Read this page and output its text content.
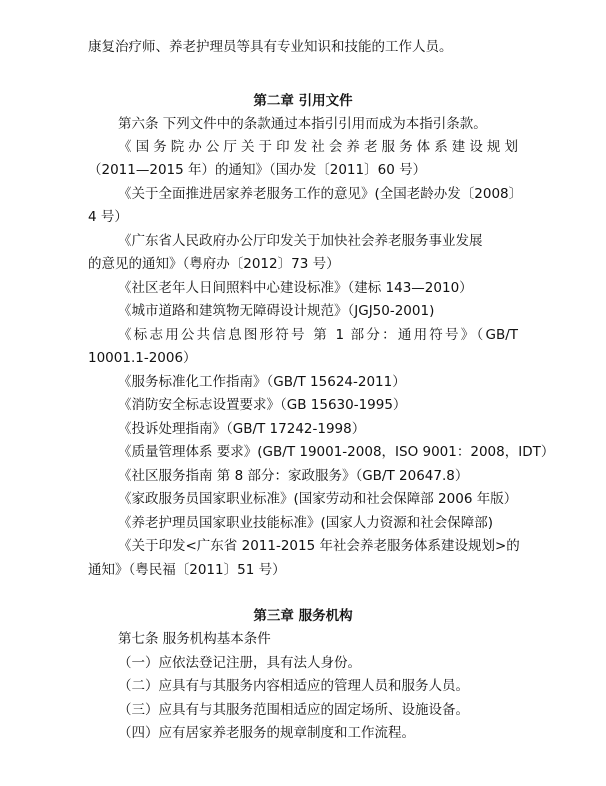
康复治疗师、养老护理员等具有专业知识和技能的工作人员。

第二章 引用文件

第六条 下列文件中的条款通过本指引引用而成为本指引条款。

《国务院办公厅关于印发社会养老服务体系建设规划

（2011—2015 年）的通知》（国办发〔2011〕60 号）

《关于全面推进居家养老服务工作的意见》(全国老龄办发〔2008〕

4 号）

《广东省人民政府办公厅印发关于加快社会养老服务事业发展

的意见的通知》（粤府办〔2012〕73 号）

《社区老年人日间照料中心建设标准》（建标 143—2010）

《城市道路和建筑物无障碍设计规范》（JGJ50-2001)

《标志用公共信息图形符号 第 1 部分：通用符号》（GB/T

10001.1-2006）

《服务标准化工作指南》（GB/T 15624-2011）

《消防安全标志设置要求》（GB 15630-1995）

《投诉处理指南》（GB/T 17242-1998）

《质量管理体系 要求》(GB/T 19001-2008，ISO 9001：2008，IDT）

《社区服务指南 第 8 部分：家政服务》（GB/T 20647.8）

《家政服务员国家职业标准》(国家劳动和社会保障部 2006 年版）

《养老护理员国家职业技能标准》(国家人力资源和社会保障部)

《关于印发<广东省 2011-2015 年社会养老服务体系建设规划>的

通知》（粤民福〔2011〕51 号）

第三章 服务机构

第七条 服务机构基本条件

（一）应依法登记注册，具有法人身份。

（二）应具有与其服务内容相适应的管理人员和服务人员。

（三）应具有与其服务范围相适应的固定场所、设施设备。

（四）应有居家养老服务的规章制度和工作流程。
